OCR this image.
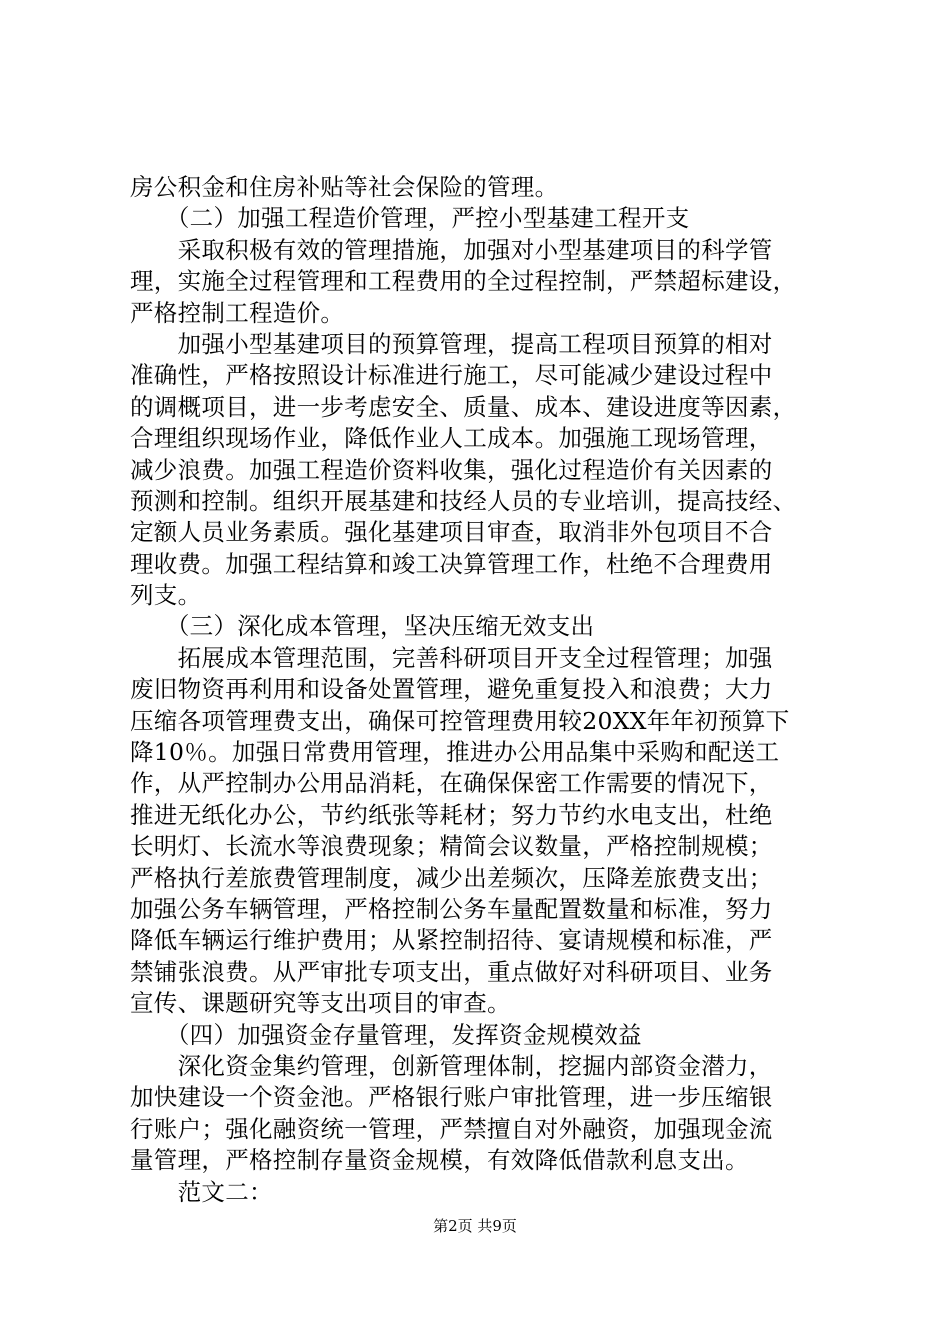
房公积金和住房补贴等社会保险的管理。
　　（二）加强工程造价管理，严控小型基建工程开支
　　采取积极有效的管理措施，加强对小型基建项目的科学管
理，实施全过程管理和工程费用的全过程控制，严禁超标建设，
严格控制工程造价。
　　加强小型基建项目的预算管理，提高工程项目预算的相对
准确性，严格按照设计标准进行施工，尽可能减少建设过程中
的调概项目，进一步考虑安全、质量、成本、建设进度等因素，
合理组织现场作业，降低作业人工成本。加强施工现场管理，
减少浪费。加强工程造价资料收集，强化过程造价有关因素的
预测和控制。组织开展基建和技经人员的专业培训，提高技经、
定额人员业务素质。强化基建项目审查，取消非外包项目不合
理收费。加强工程结算和竣工决算管理工作，杜绝不合理费用
列支。
　　（三）深化成本管理，坚决压缩无效支出
　　拓展成本管理范围，完善科研项目开支全过程管理；加强
废旧物资再利用和设备处置管理，避免重复投入和浪费；大力
压缩各项管理费支出，确保可控管理费用较20XX年年初预算下
降10％。加强日常费用管理，推进办公用品集中采购和配送工
作，从严控制办公用品消耗，在确保保密工作需要的情况下，
推进无纸化办公，节约纸张等耗材；努力节约水电支出，杜绝
长明灯、长流水等浪费现象；精简会议数量，严格控制规模；
严格执行差旅费管理制度，减少出差频次，压降差旅费支出；
加强公务车辆管理，严格控制公务车量配置数量和标准，努力
降低车辆运行维护费用；从紧控制招待、宴请规模和标准，严
禁铺张浪费。从严审批专项支出，重点做好对科研项目、业务
宣传、课题研究等支出项目的审查。
　　（四）加强资金存量管理，发挥资金规模效益
　　深化资金集约管理，创新管理体制，挖掘内部资金潜力，
加快建设一个资金池。严格银行账户审批管理，进一步压缩银
行账户；强化融资统一管理，严禁擅自对外融资，加强现金流
量管理，严格控制存量资金规模，有效降低借款利息支出。
　　范文二：
第2页 共9页
